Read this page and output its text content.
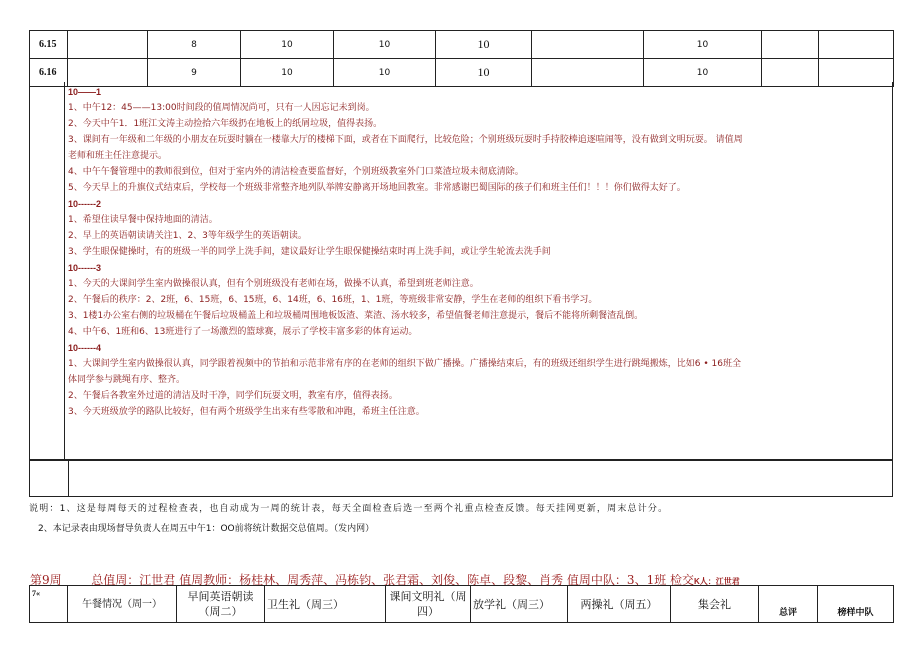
6.15		8	10	10	10		10		
6.16		9	10	10	10		10		
10——1
1、中午12：45——13:00时间段的值周情况尚可，只有一人因忘记未到岗。
2、今天中午1．1班江文涛主动捡拾六年级扔在地板上的纸屑垃圾，值得表扬。
3、课间有一年级和二年级的小朋友在玩耍时躺在一楼靠大厅的楼梯下面，或者在下面爬行，比较危险；个别班级玩耍时手持胶棒追逐喧闹等，没有做到文明玩耍。 请值周
老师和班主任注意提示。
4、中午午餐管理中的教师很到位，但对于室内外的清洁检查要监督好，个别班级教室外门口菜渣垃圾未彻底清除。
5、今天早上的升旗仪式结束后，学校每一个班级非常整齐地列队举牌安静离开场地回教室。非常感谢巴蜀国际的孩子们和班主任们！！！你们做得太好了。
10------2
1、希望住读早餐中保持地面的清洁。
2、早上的英语朝读请关注1、2、3等年级学生的英语朝读。
3、学生眼保健操时，有的班级一半的同学上洗手间，建议最好让学生眼保健操结束时再上洗手间，或让学生轮流去洗手间
10------3
1、今天的大课间学生室内做操很认真，但有个别班级没有老师在场，做操不认真，希望到班老师注意。
2、午餐后的秩序：2、2班，6、15班，6、15班，6、14班，6、16班，1、1班，等班级非常安静，学生在老师的组织下看书学习。
3、1楼1办公室右侧的垃圾桶在午餐后垃圾桶盖上和垃圾桶周围地板饭渣、菜渣、汤水较多，希望值餐老师注意提示，餐后不能将所剩餐渣乱倒。
4、中午6、1班和6、13班进行了一场激烈的篮球赛，展示了学校丰富多彩的体育运动。
10------4
1、大课间学生室内做操很认真，同学跟着视频中的节拍和示范非常有序的在老师的组织下做广播操。广播操结束后，有的班级还组织学生进行跳绳搬炼，比如6 • 16班全
体同学参与跳绳有序、整齐。
2、午餐后各教室外过道的清洁及时干净，同学们玩耍文明，教室有序，值得表扬。
3、今天班级放学的路队比较好，但有两个班级学生出来有些零散和冲跑，希班主任注意。
说明：1、这是每周每天的过程检查表，也自动成为一周的统计表，每天全面检查后选一至两个礼重点检查反馈。每天挂网更新，周末总计分。
2、本记录表由现场督导负责人在周五中午1：OO前将统计数据交总值周。（发内网）
第9周 总值周：江世君 值周教师：杨桂林、周秀萍、冯栋钧、张君霜、刘俊、陈卓、段黎、肖秀 值周中队：3、1班 检交K人：江世君
7«	午餐情况（周一）	早间英语朝读（周二）	卫生礼（周三）	课间文明礼（周四）	放学礼（周三）	两操礼（周五）	集会礼	总评	榜样中队
